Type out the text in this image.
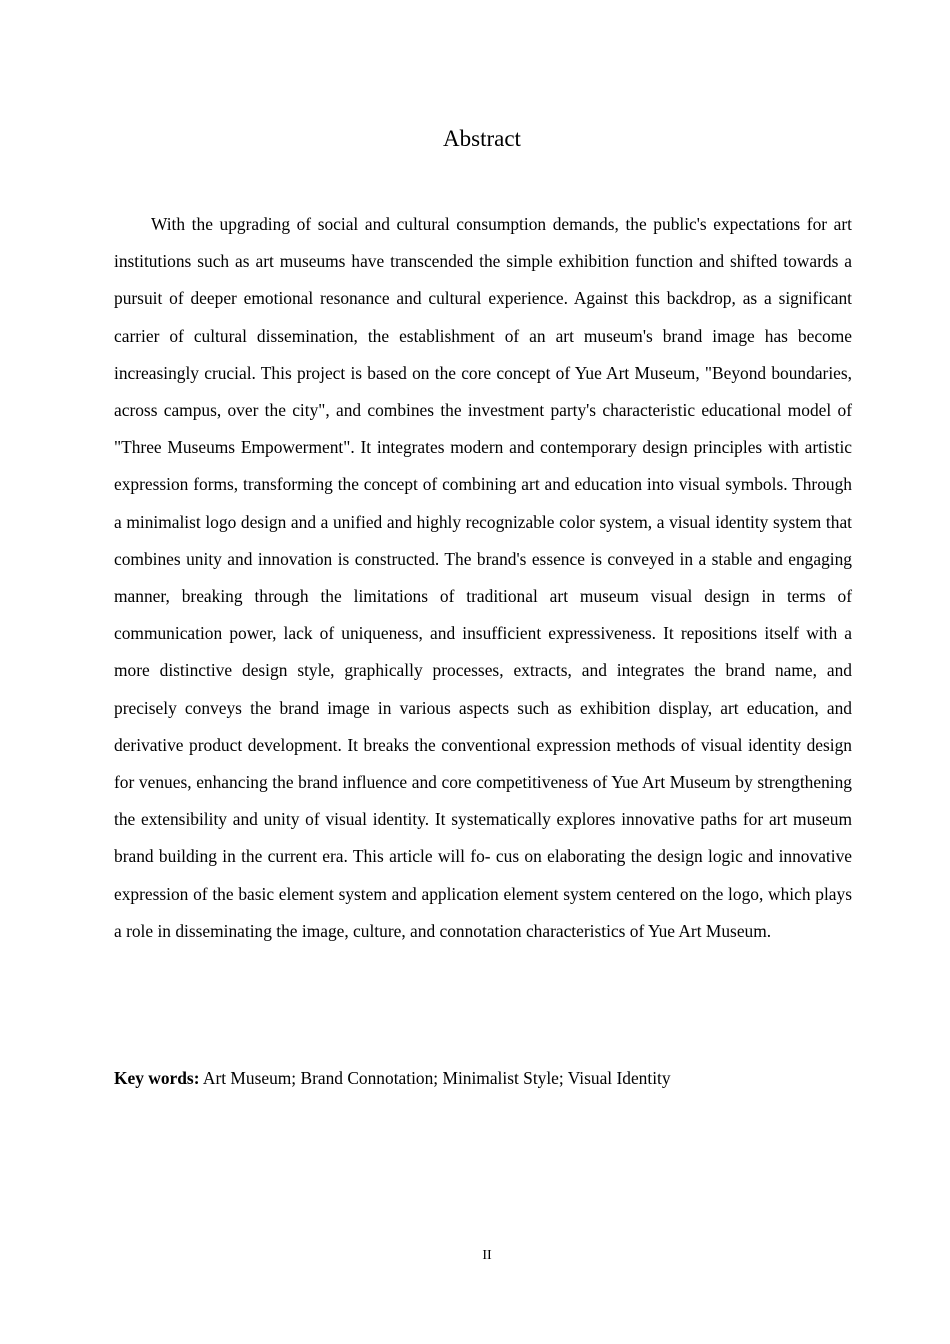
Abstract

With the upgrading of social and cultural consumption demands, the public's expectations for art institutions such as art museums have transcended the simple exhibition function and shifted towards a pursuit of deeper emotional resonance and cultural experience. Against this backdrop, as a significant carrier of cultural dissemination, the establishment of an art museum's brand image has become increasingly crucial. This project is based on the core concept of Yue Art Museum, "Beyond boundaries, across campus, over the city", and combines the investment party's characteristic educational model of "Three Museums Empowerment". It integrates modern and contemporary design principles with artistic expression forms, transforming the concept of combining art and education into visual symbols. Through a minimalist logo design and a unified and highly recognizable color system, a visual identity system that combines unity and innovation is constructed. The brand's essence is conveyed in a stable and engaging manner, breaking through the limitations of traditional art museum visual design in terms of communication power, lack of uniqueness, and insufficient expressiveness. It repositions itself with a more distinctive design style, graphically processes, extracts, and integrates the brand name, and precisely conveys the brand image in various aspects such as exhibition display, art education, and derivative product development. It breaks the conventional expression methods of visual identity design for venues, enhancing the brand influence and core competitiveness of Yue Art Museum by strengthening the extensibility and unity of visual identity. It systematically explores innovative paths for art museum brand building in the current era. This article will fo- cus on elaborating the design logic and innovative expression of the basic element system and application element system centered on the logo, which plays a role in disseminating the image, culture, and connotation characteristics of Yue Art Museum.

Key words: Art Museum; Brand Connotation; Minimalist Style; Visual Identity

II
